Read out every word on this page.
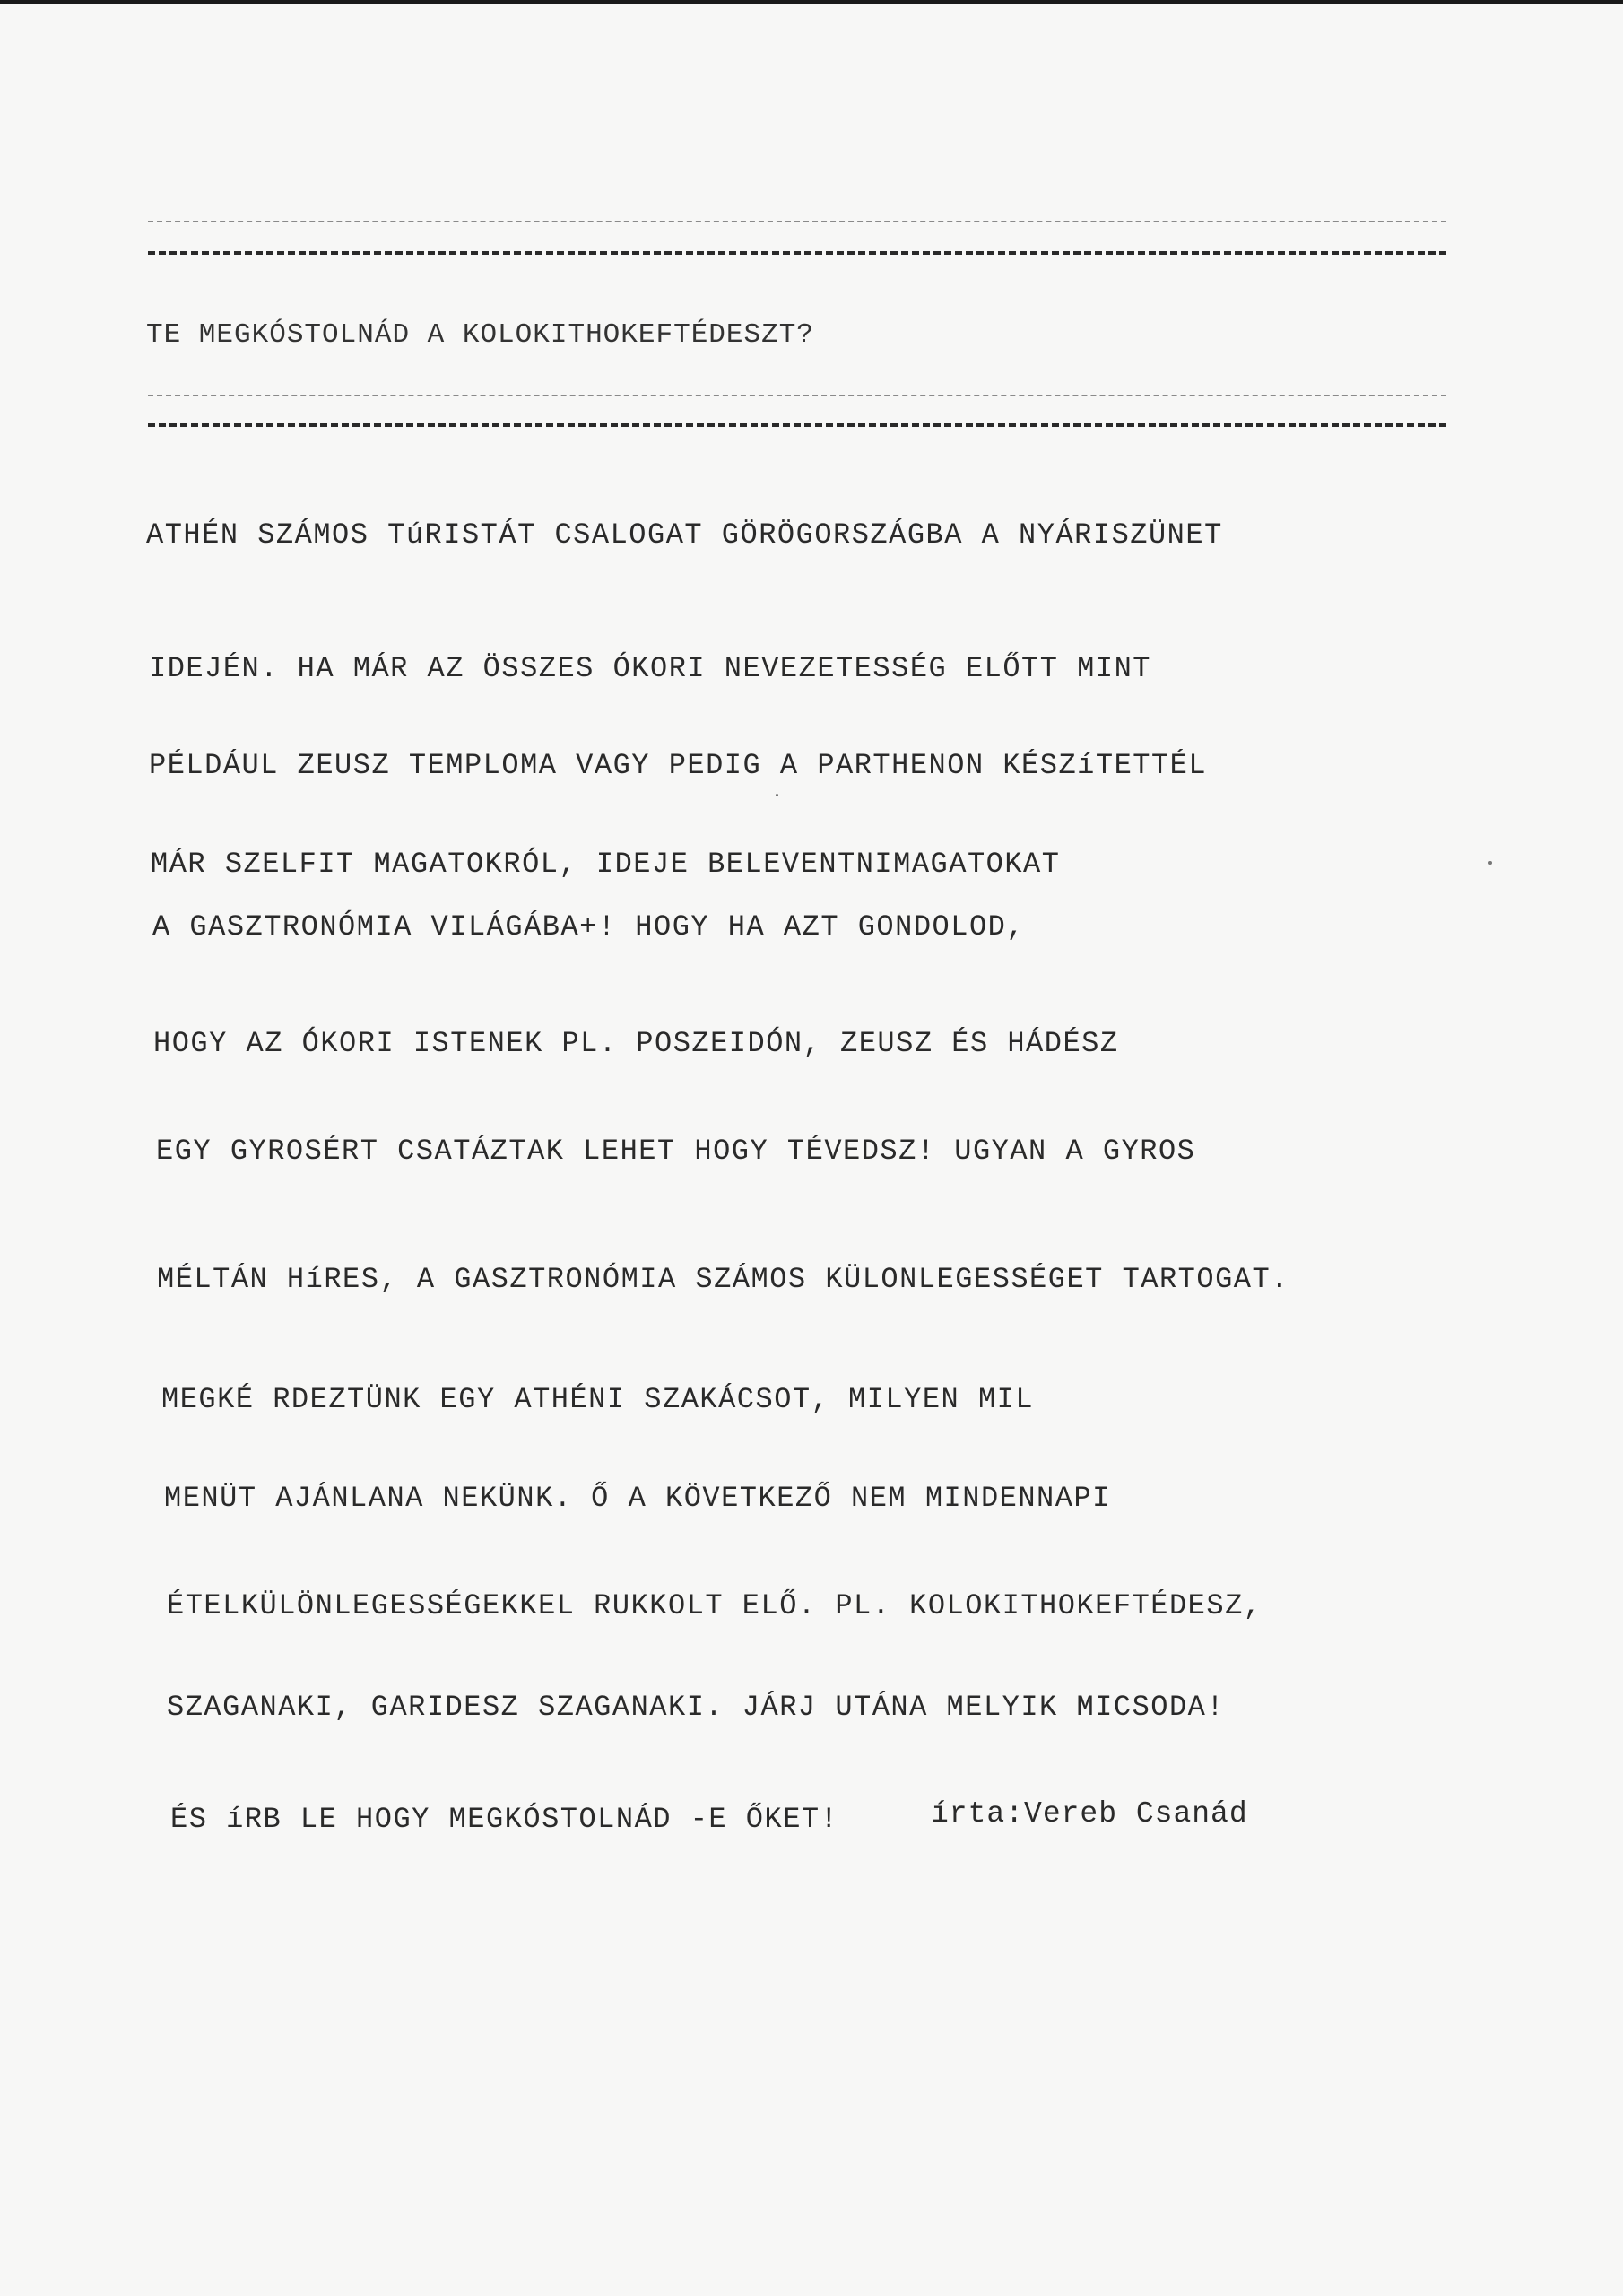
TE MEGKÓSTOLNÁD A KOLOKITHOKEFTÉDESZT?
ATHÉN SZÁMOS TúRISTÁT CSALOGAT GÖRÖGORSZÁGBA A NYÁRISZÜNET
IDEJÉN. HA MÁR AZ ÖSSZES ÓKORI NEVEZETESSÉG ELŐTT MINT
PÉLDÁUL ZEUSZ TEMPLOMA VAGY PEDIG A PARTHENON KÉSZíTETTÉL
MÁR SZELFIT MAGATOKRÓL, IDEJE BELEVENTNIMAGATOKAT
A GASZTRONÓMIA VILÁGÁBA+! HOGY HA AZT GONDOLOD,
HOGY AZ ÓKORI ISTENEK PL. POSZEIDÓN, ZEUSZ ÉS HÁDÉSZ
EGY GYROSÉRT CSATÁZTAK LEHET HOGY TÉVEDSZ! UGYAN A GYROS
MÉLTÁN HíRES, A GASZTRONÓMIA SZÁMOS KÜLONLEGESSÉGET TARTOGAT.
MEGKÉ RDEZTÜNK EGY ATHÉNI SZAKÁCSOT, MILYEN MIL
MENÜT AJÁNLANA NEKÜNK. Ő A KÖVETKEZŐ NEM MINDENNAPI
ÉTELKÜLÖNLEGESSÉGEKKEL RUKKOLT ELŐ. PL. KOLOKITHOKEFTÉDESZ,
SZAGANAKI, GARIDESZ SZAGANAKI. JÁRJ UTÁNA MELYIK MICSODA!
ÉS íRB LE HOGY MEGKÓSTOLNÁD -E ŐKET!	írta:Vereb Csanád
